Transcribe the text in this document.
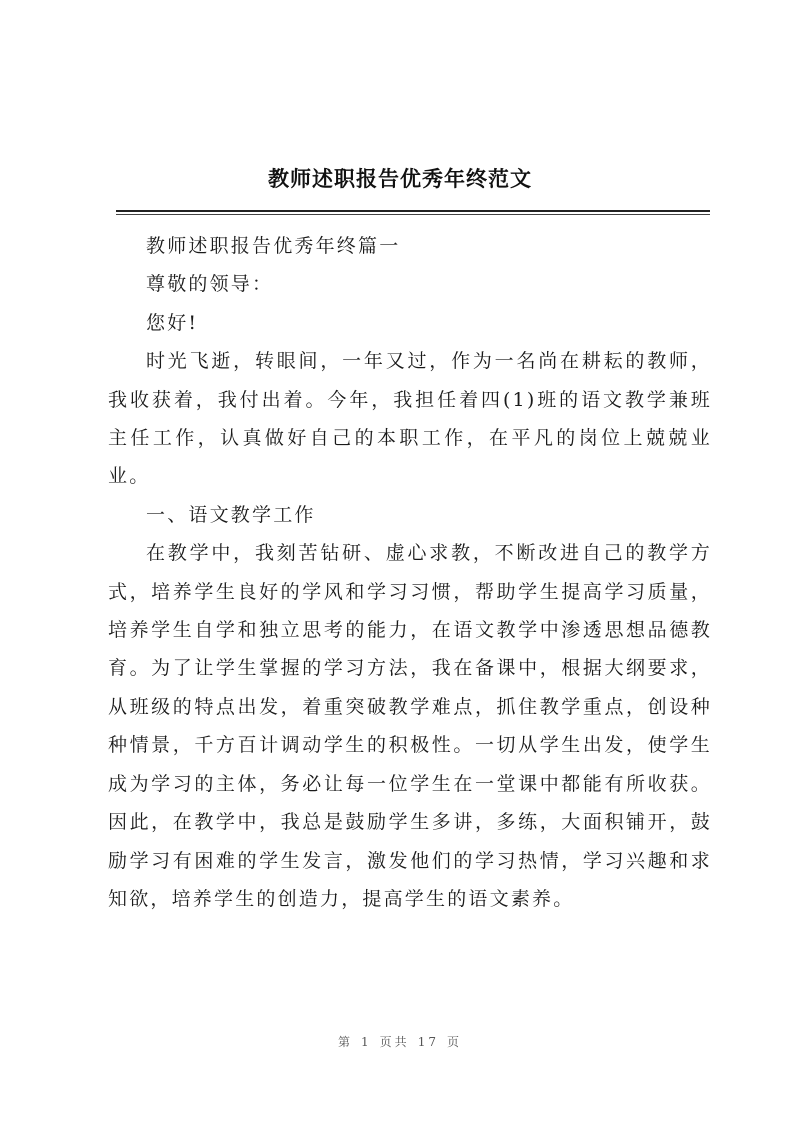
教师述职报告优秀年终范文

教师述职报告优秀年终篇一

尊敬的领导：

您好!

时光飞逝，转眼间，一年又过，作为一名尚在耕耘的教师，我收获着，我付出着。今年，我担任着四(1)班的语文教学兼班主任工作，认真做好自己的本职工作，在平凡的岗位上兢兢业业。

一、语文教学工作

在教学中，我刻苦钻研、虚心求教，不断改进自己的教学方式，培养学生良好的学风和学习习惯，帮助学生提高学习质量，培养学生自学和独立思考的能力，在语文教学中渗透思想品德教育。为了让学生掌握的学习方法，我在备课中，根据大纲要求，从班级的特点出发，着重突破教学难点，抓住教学重点，创设种种情景，千方百计调动学生的积极性。一切从学生出发，使学生成为学习的主体，务必让每一位学生在一堂课中都能有所收获。因此，在教学中，我总是鼓励学生多讲，多练，大面积铺开，鼓励学习有困难的学生发言，激发他们的学习热情，学习兴趣和求知欲，培养学生的创造力，提高学生的语文素养。

第 1 页共 17 页
